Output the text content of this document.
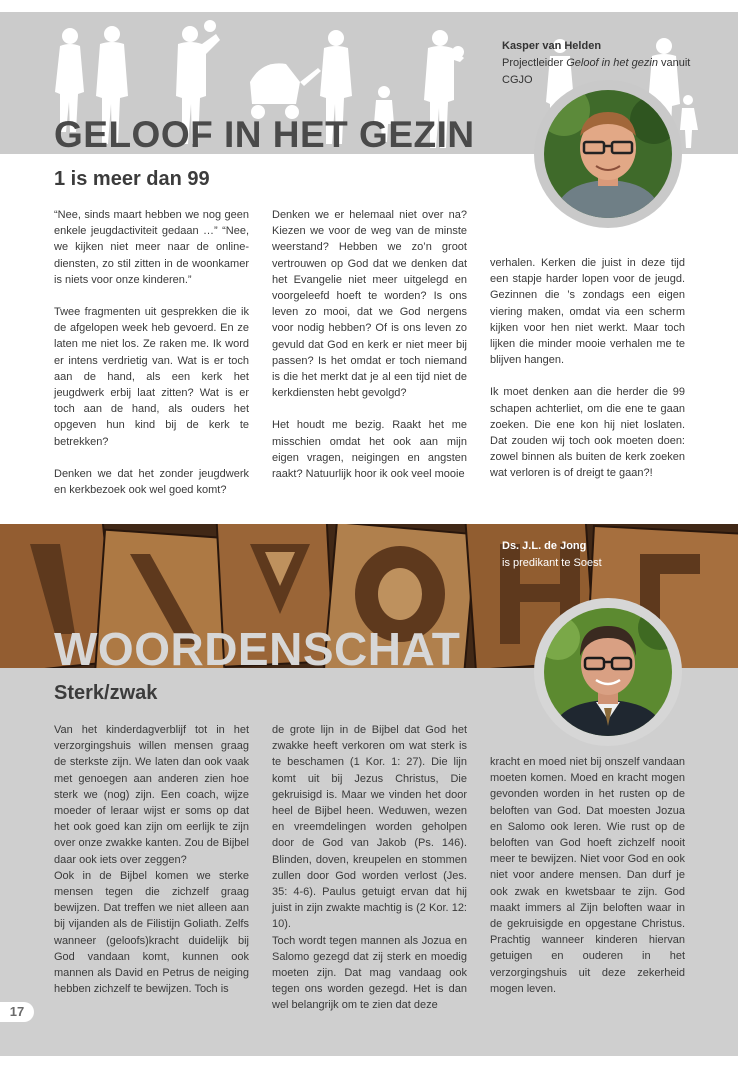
GELOOF IN HET GEZIN
1 is meer dan 99
Kasper van Helden
Projectleider Geloof in het gezin vanuit
CGJO

“Nee, sinds maart hebben we nog geen enkele jeugdactiviteit gedaan …” “Nee, we kijken niet meer naar de online-diensten, zo stil zitten in de woonkamer is niets voor onze kinderen.”

Twee fragmenten uit gesprekken die ik de afgelopen week heb gevoerd. En ze laten me niet los. Ze raken me. Ik word er intens verdrietig van. Wat is er toch aan de hand, als een kerk het jeugdwerk erbij laat zitten? Wat is er toch aan de hand, als ouders het opgeven hun kind bij de kerk te betrekken?

Denken we dat het zonder jeugdwerk en kerkbezoek ook wel goed komt?

Denken we er helemaal niet over na? Kiezen we voor de weg van de minste weerstand? Hebben we zo’n groot vertrouwen op God dat we denken dat het Evangelie niet meer uitgelegd en voorgeleefd hoeft te worden? Is ons leven zo mooi, dat we God nergens voor nodig hebben? Of is ons leven zo gevuld dat God en kerk er niet meer bij passen? Is het omdat er toch niemand is die het merkt dat je al een tijd niet de kerkdiensten hebt gevolgd?

Het houdt me bezig. Raakt het me misschien omdat het ook aan mijn eigen vragen, neigingen en angsten raakt? Natuurlijk hoor ik ook veel mooie

verhalen. Kerken die juist in deze tijd een stapje harder lopen voor de jeugd. Gezinnen die ’s zondags een eigen viering maken, omdat via een scherm kijken voor hen niet werkt. Maar toch lijken die minder mooie verhalen me te blijven hangen.

Ik moet denken aan die herder die 99 schapen achterliet, om die ene te gaan zoeken. Die ene kon hij niet loslaten. Dat zouden wij toch ook moeten doen: zowel binnen als buiten de kerk zoeken wat verloren is of dreigt te gaan?!

WOORDENSCHAT
Sterk/zwak
Ds. J.L. de Jong
is predikant te Soest

Van het kinderdagverblijf tot in het verzorgingshuis willen mensen graag de sterkste zijn. We laten dan ook vaak met genoegen aan anderen zien hoe sterk we (nog) zijn. Een coach, wijze moeder of leraar wijst er soms op dat het ook goed kan zijn om eerlijk te zijn over onze zwakke kanten. Zou de Bijbel daar ook iets over zeggen?

Ook in de Bijbel komen we sterke mensen tegen die zichzelf graag bewijzen. Dat treffen we niet alleen aan bij vijanden als de Filistijn Goliath. Zelfs wanneer (geloofs)kracht duidelijk bij God vandaan komt, kunnen ook mannen als David en Petrus de neiging hebben zichzelf te bewijzen. Toch is

de grote lijn in de Bijbel dat God het zwakke heeft verkoren om wat sterk is te beschamen (1 Kor. 1: 27). Die lijn komt uit bij Jezus Christus, Die gekruisigd is. Maar we vinden het door heel de Bijbel heen. Weduwen, wezen en vreemdelingen worden geholpen door de God van Jakob (Ps. 146). Blinden, doven, kreupelen en stommen zullen door God worden verlost (Jes. 35: 4-6). Paulus getuigt ervan dat hij juist in zijn zwakte machtig is (2 Kor. 12: 10).

Toch wordt tegen mannen als Jozua en Salomo gezegd dat zij sterk en moedig moeten zijn. Dat mag vandaag ook tegen ons worden gezegd. Het is dan wel belangrijk om te zien dat deze

kracht en moed niet bij onszelf vandaan moeten komen. Moed en kracht mogen gevonden worden in het rusten op de beloften van God. Dat moesten Jozua en Salomo ook leren. Wie rust op de beloften van God hoeft zichzelf nooit meer te bewijzen. Niet voor God en ook niet voor andere mensen. Dan durf je ook zwak en kwetsbaar te zijn. God maakt immers al Zijn beloften waar in de gekruisigde en opgestane Christus. Prachtig wanneer kinderen hiervan getuigen en ouderen in het verzorgingshuis uit deze zekerheid mogen leven.

17
